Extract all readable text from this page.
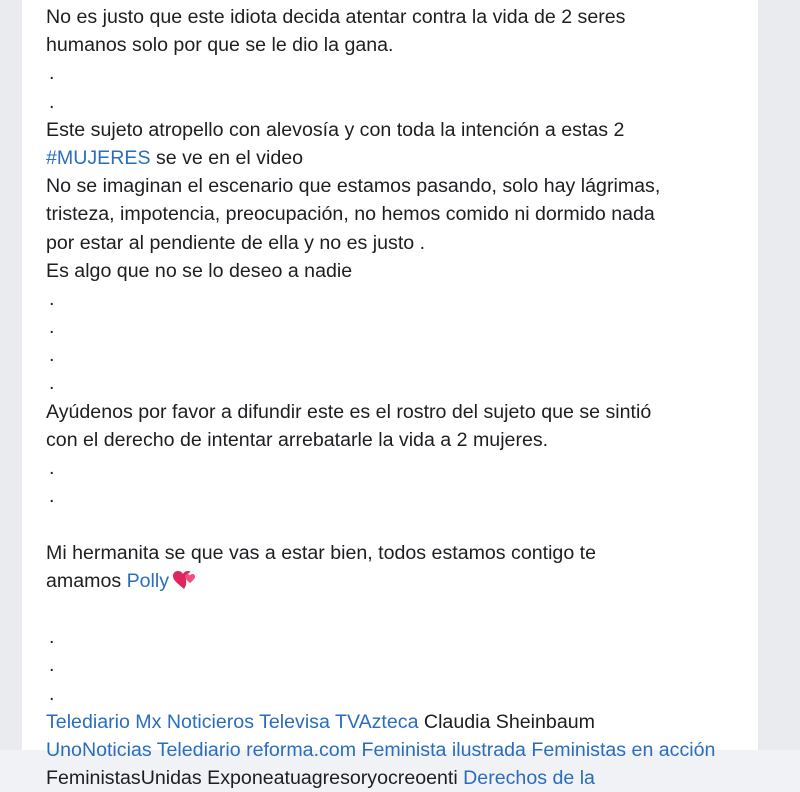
No es justo que este idiota decida atentar contra la vida de 2 seres
humanos solo por que se le dio la gana.
.
.
Este sujeto atropello con alevosía y con toda la intención a estas 2
#MUJERES se ve en el video
No se imaginan el escenario que estamos pasando, solo hay lágrimas,
tristeza, impotencia, preocupación, no hemos comido ni dormido nada
por estar al pendiente de ella y no es justo .
Es algo que no se lo deseo a nadie
.
.
.
.
Ayúdenos por favor a difundir este es el rostro del sujeto que se sintió
con el derecho de intentar arrebatarle la vida a 2 mujeres.
.
.
Mi hermanita se que vas a estar bien, todos estamos contigo te
amamos Polly
.
.
.
Telediario Mx Noticieros Televisa TVAzteca Claudia Sheinbaum
UnoNoticias Telediario reforma.com Feminista ilustrada Feministas en acción
FeministasUnidas Exponeatuagresoryocreoenti Derechos de la
